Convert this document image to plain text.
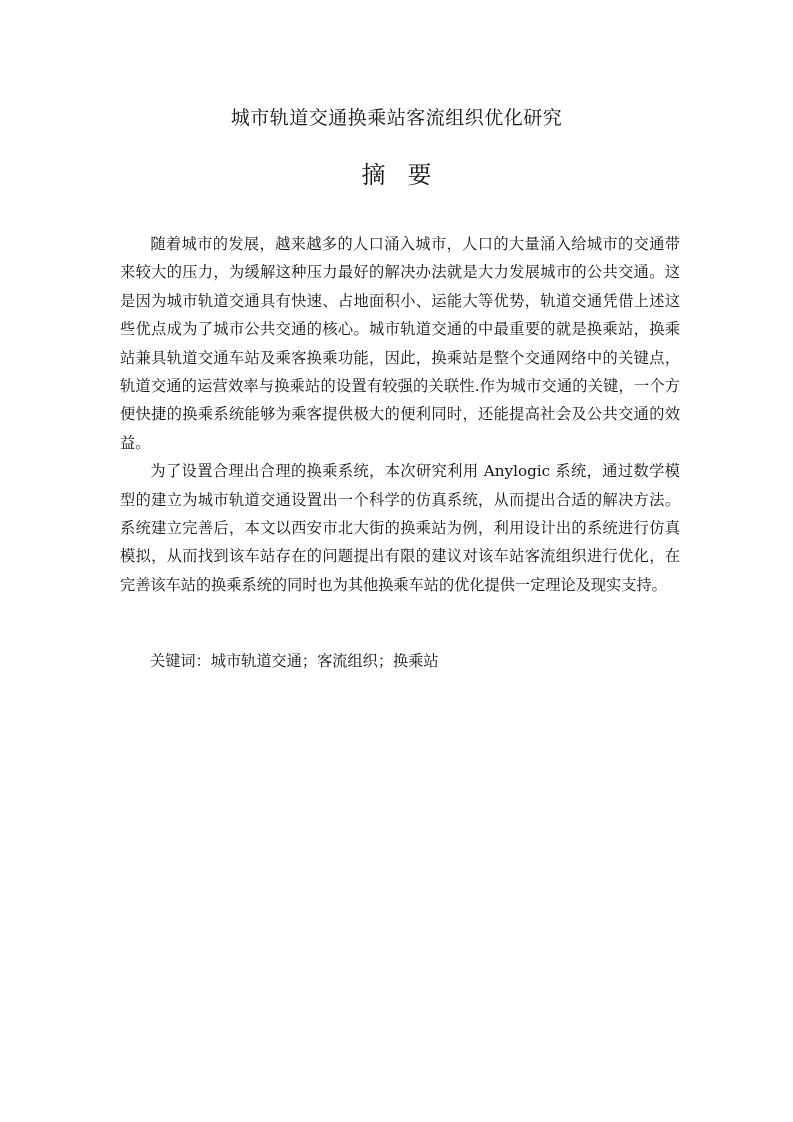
城市轨道交通换乘站客流组织优化研究
摘要

随着城市的发展，越来越多的人口涌入城市，人口的大量涌入给城市的交通带来较大的压力，为缓解这种压力最好的解决办法就是大力发展城市的公共交通。这是因为城市轨道交通具有快速、占地面积小、运能大等优势，轨道交通凭借上述这些优点成为了城市公共交通的核心。城市轨道交通的中最重要的就是换乘站，换乘站兼具轨道交通车站及乘客换乘功能，因此，换乘站是整个交通网络中的关键点，轨道交通的运营效率与换乘站的设置有较强的关联性.作为城市交通的关键，一个方便快捷的换乘系统能够为乘客提供极大的便利同时，还能提高社会及公共交通的效益。

为了设置合理出合理的换乘系统，本次研究利用 Anylogic 系统，通过数学模型的建立为城市轨道交通设置出一个科学的仿真系统，从而提出合适的解决方法。系统建立完善后，本文以西安市北大街的换乘站为例，利用设计出的系统进行仿真模拟，从而找到该车站存在的问题提出有限的建议对该车站客流组织进行优化，在完善该车站的换乘系统的同时也为其他换乘车站的优化提供一定理论及现实支持。

关键词：城市轨道交通；客流组织；换乘站
